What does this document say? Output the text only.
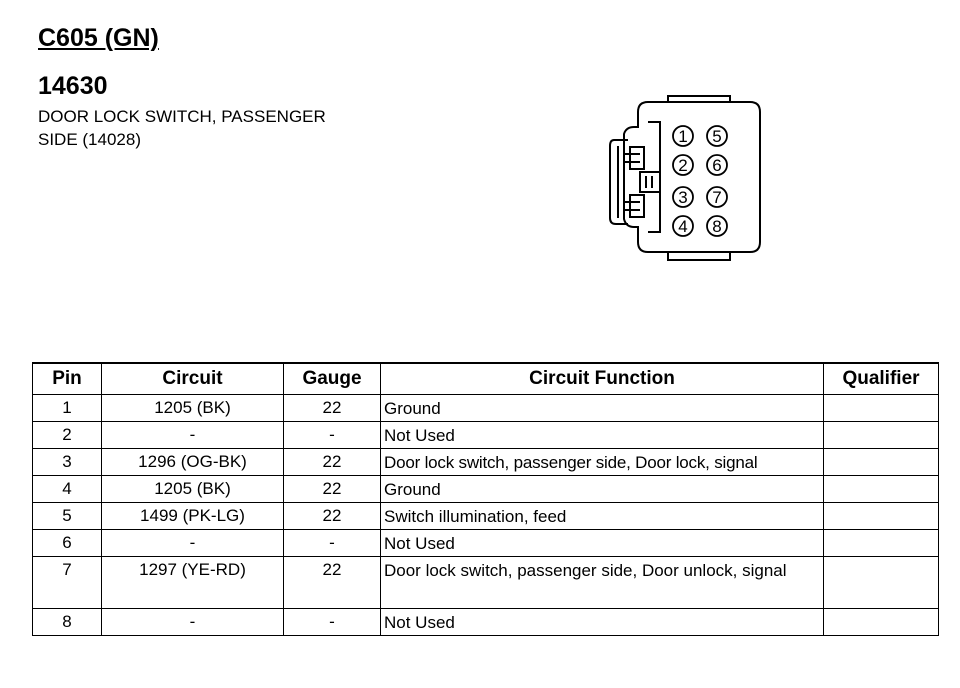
C605 (GN)
14630
DOOR LOCK SWITCH, PASSENGER
SIDE (14028)	1
2
3
4
5
6
7
8
Pin	Circuit	Gauge	Circuit Function	Qualifier
1	1205 (BK)	22	Ground	
2	-	-	Not Used	
3	1296 (OG-BK)	22	Door lock switch, passenger side, Door lock, signal	
4	1205 (BK)	22	Ground	
5	1499 (PK-LG)	22	Switch illumination, feed	
6	-	-	Not Used	
7	1297 (YE-RD)	22	Door lock switch, passenger side, Door unlock, signal	
8	-	-	Not Used	
